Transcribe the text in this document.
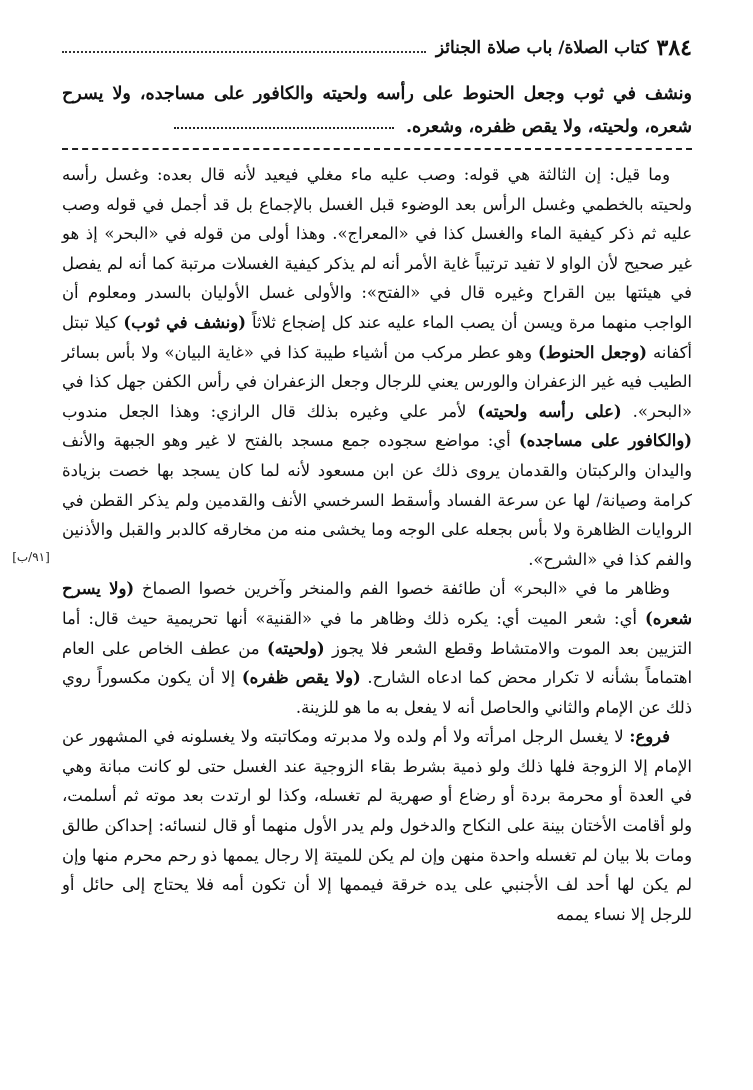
٣٨٤
كتاب الصلاة/ باب صلاة الجنائز
ونشف في ثوب وجعل الحنوط على رأسه ولحيته والكافور على مساجده، ولا يسرح شعره، ولحيته، ولا يقص ظفره، وشعره.
[٩١/ب]

وما قيل: إن الثالثة هي قوله: وصب عليه ماء مغلي فيعيد لأنه قال بعده: وغسل رأسه ولحيته بالخطمي وغسل الرأس بعد الوضوء قبل الغسل بالإجماع بل قد أجمل في قوله وصب عليه ثم ذكر كيفية الماء والغسل كذا في «المعراج». وهذا أولى من قوله في «البحر» إذ هو غير صحيح لأن الواو لا تفيد ترتيباً غاية الأمر أنه لم يذكر كيفية الغسلات مرتبة كما أنه لم يفصل في هيئتها بين القراح وغيره قال في «الفتح»: والأولى غسل الأوليان بالسدر ومعلوم أن الواجب منهما مرة ويسن أن يصب الماء عليه عند كل إضجاع ثلاثاً (ونشف في ثوب) كيلا تبتل أكفانه (وجعل الحنوط) وهو عطر مركب من أشياء طيبة كذا في «غاية البيان» ولا بأس بسائر الطيب فيه غير الزعفران والورس يعني للرجال وجعل الزعفران في رأس الكفن جهل كذا في «البحر». (على رأسه ولحيته) لأمر علي وغيره بذلك قال الرازي: وهذا الجعل مندوب (والكافور على مساجده) أي: مواضع سجوده جمع مسجد بالفتح لا غير وهو الجبهة والأنف واليدان والركبتان والقدمان يروى ذلك عن ابن مسعود لأنه لما كان يسجد بها خصت بزيادة كرامة وصيانة/ لها عن سرعة الفساد وأسقط السرخسي الأنف والقدمين ولم يذكر القطن في الروايات الظاهرة ولا بأس بجعله على الوجه وما يخشى منه من مخارقه كالدبر والقبل والأذنين والفم كذا في «الشرح».

وظاهر ما في «البحر» أن طائفة خصوا الفم والمنخر وآخرين خصوا الصماخ (ولا يسرح شعره) أي: شعر الميت أي: يكره ذلك وظاهر ما في «القنية» أنها تحريمية حيث قال: أما التزيين بعد الموت والامتشاط وقطع الشعر فلا يجوز (ولحيته) من عطف الخاص على العام اهتماماً بشأنه لا تكرار محض كما ادعاه الشارح. (ولا يقص ظفره) إلا أن يكون مكسوراً روي ذلك عن الإمام والثاني والحاصل أنه لا يفعل به ما هو للزينة.

فروع: لا يغسل الرجل امرأته ولا أم ولده ولا مدبرته ومكاتبته ولا يغسلونه في المشهور عن الإمام إلا الزوجة فلها ذلك ولو ذمية بشرط بقاء الزوجية عند الغسل حتى لو كانت مبانة وهي في العدة أو محرمة بردة أو رضاع أو صهرية لم تغسله، وكذا لو ارتدت بعد موته ثم أسلمت، ولو أقامت الأختان بينة على النكاح والدخول ولم يدر الأول منهما أو قال لنسائه: إحداكن طالق ومات بلا بيان لم تغسله واحدة منهن وإن لم يكن للميتة إلا رجال يممها ذو رحم محرم منها وإن لم يكن لها أحد لف الأجنبي على يده خرقة فيممها إلا أن تكون أمه فلا يحتاج إلى حائل أو للرجل إلا نساء يممه
